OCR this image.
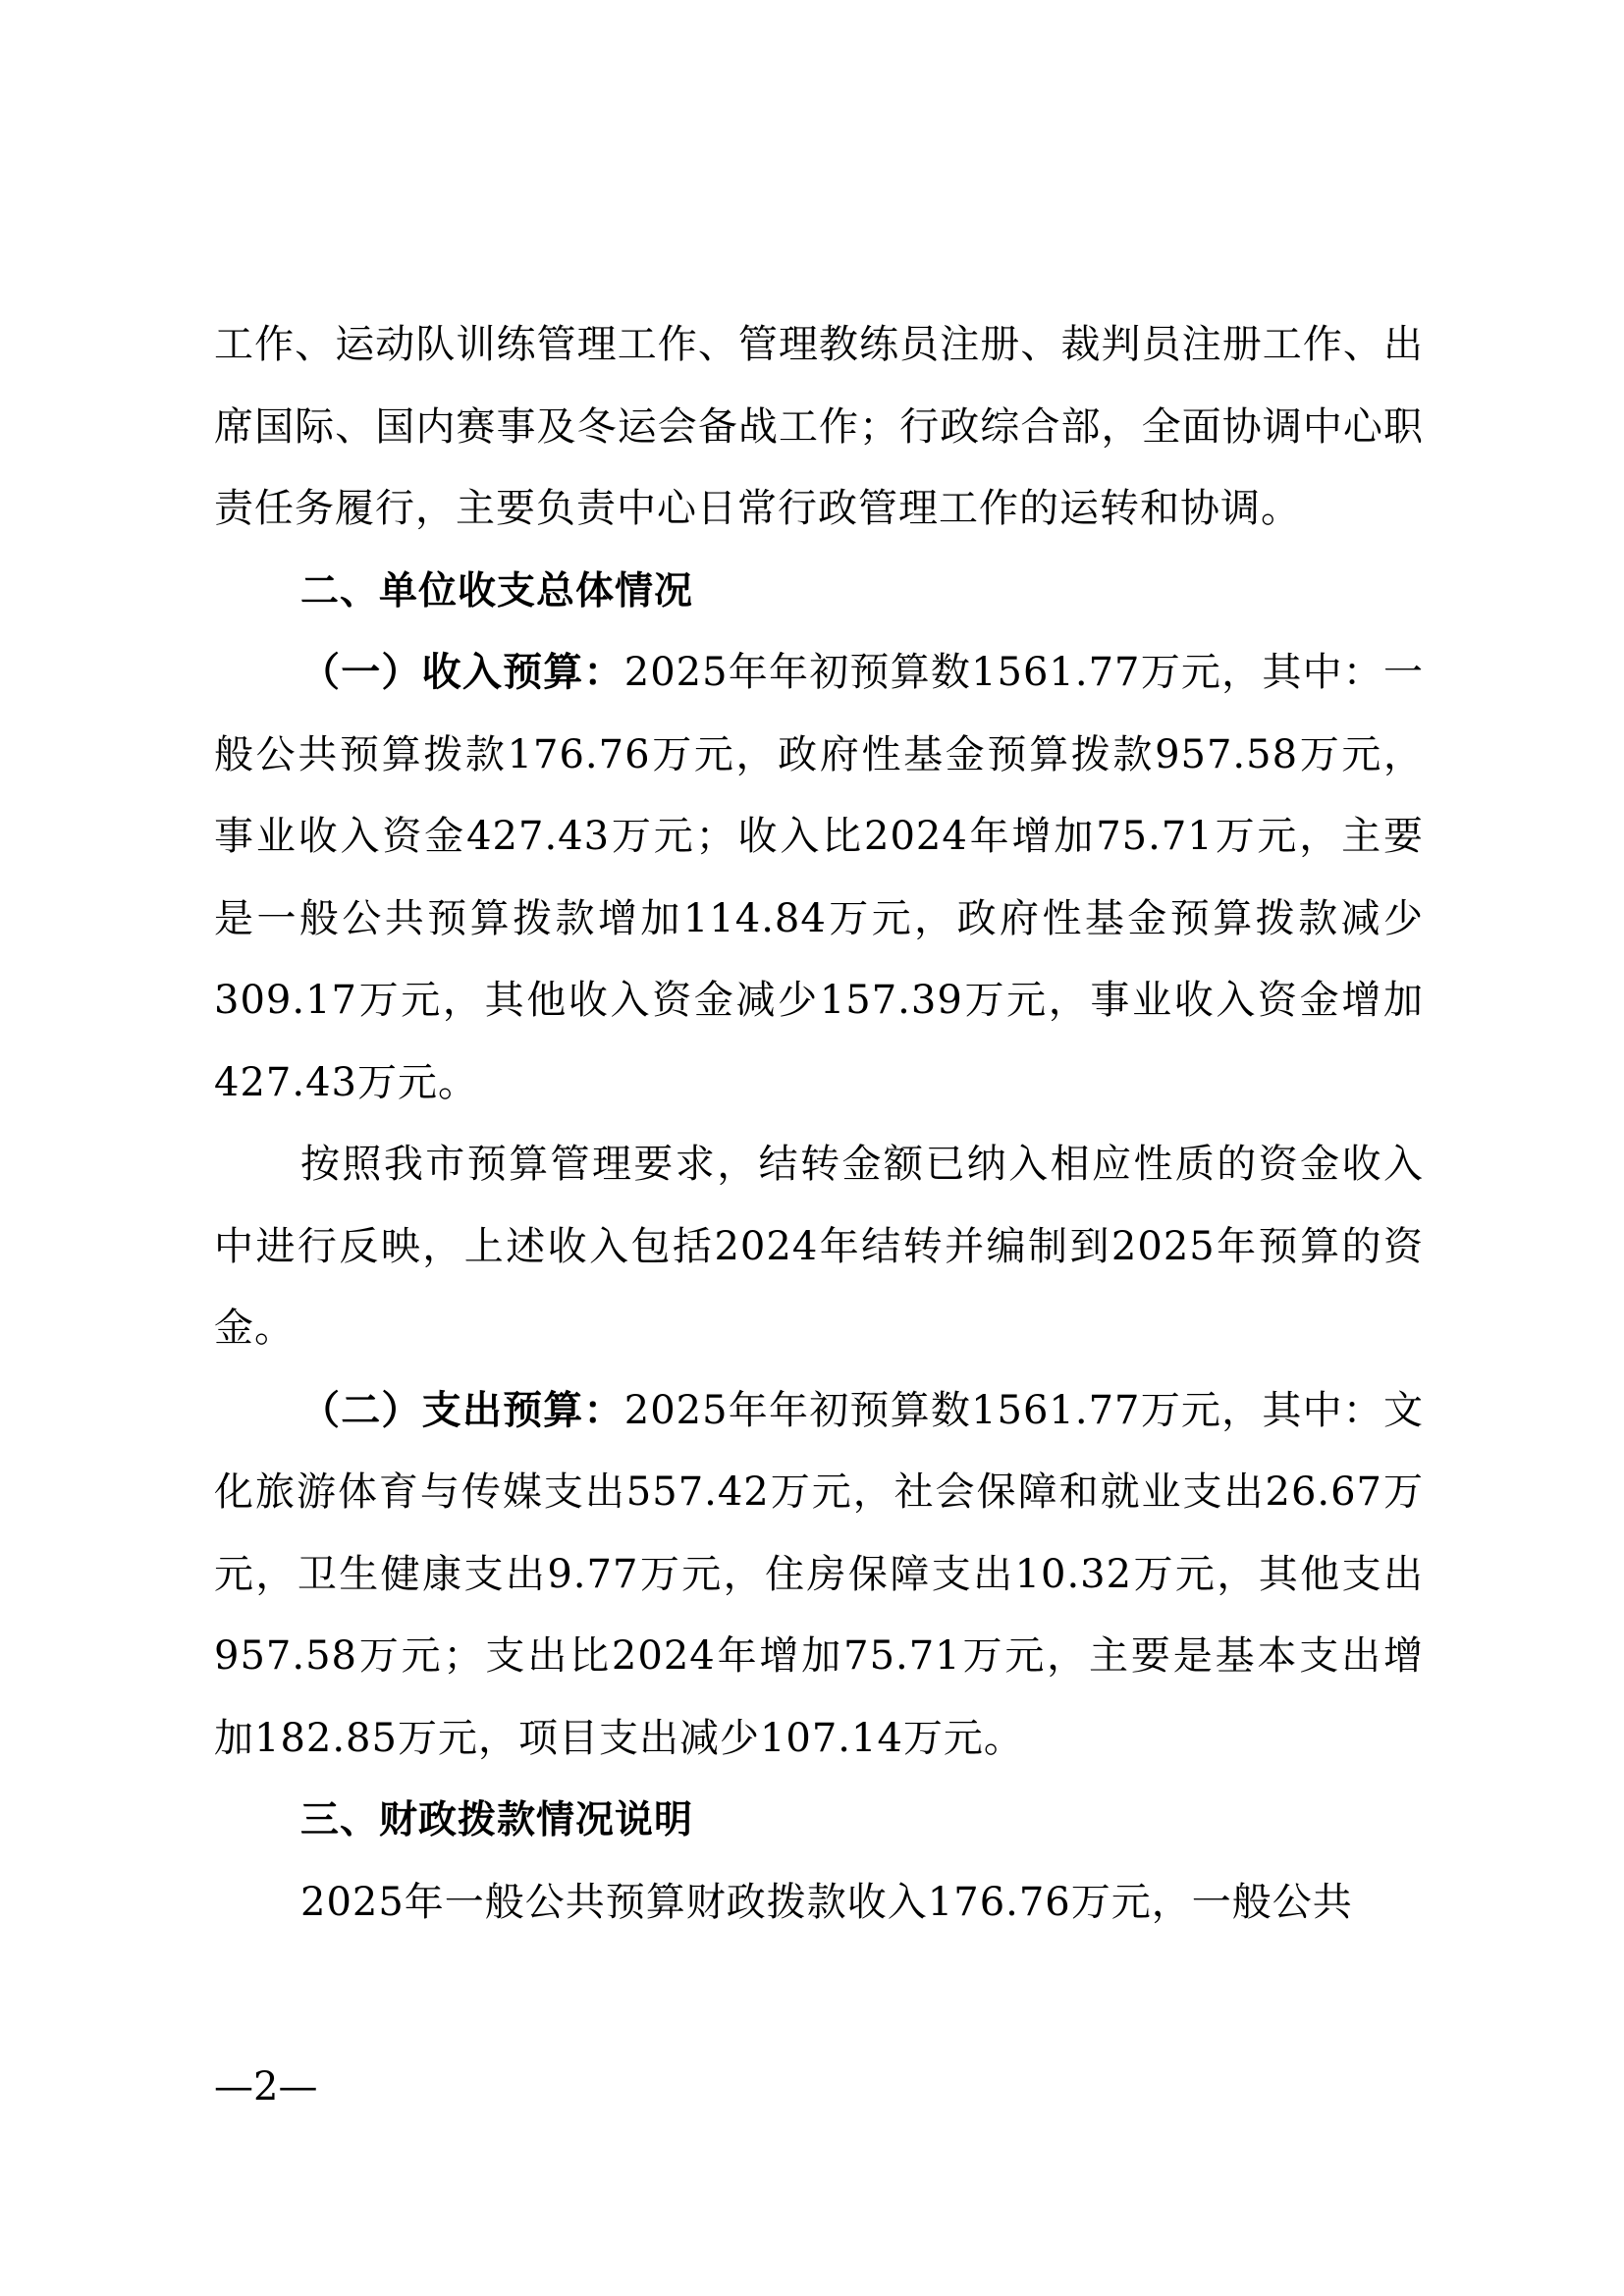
工作、运动队训练管理工作、管理教练员注册、裁判员注册工作、出席国际、国内赛事及冬运会备战工作；行政综合部，全面协调中心职责任务履行，主要负责中心日常行政管理工作的运转和协调。

二、单位收支总体情况

（一）收入预算：2025年年初预算数1561.77万元，其中：一般公共预算拨款176.76万元，政府性基金预算拨款957.58万元，事业收入资金427.43万元；收入比2024年增加75.71万元，主要是一般公共预算拨款增加114.84万元，政府性基金预算拨款减少309.17万元，其他收入资金减少157.39万元，事业收入资金增加427.43万元。

按照我市预算管理要求，结转金额已纳入相应性质的资金收入中进行反映，上述收入包括2024年结转并编制到2025年预算的资金。

（二）支出预算：2025年年初预算数1561.77万元，其中：文化旅游体育与传媒支出557.42万元，社会保障和就业支出26.67万元，卫生健康支出9.77万元，住房保障支出10.32万元，其他支出957.58万元；支出比2024年增加75.71万元，主要是基本支出增加182.85万元，项目支出减少107.14万元。

三、财政拨款情况说明

2025年一般公共预算财政拨款收入176.76万元，一般公共

—2—
